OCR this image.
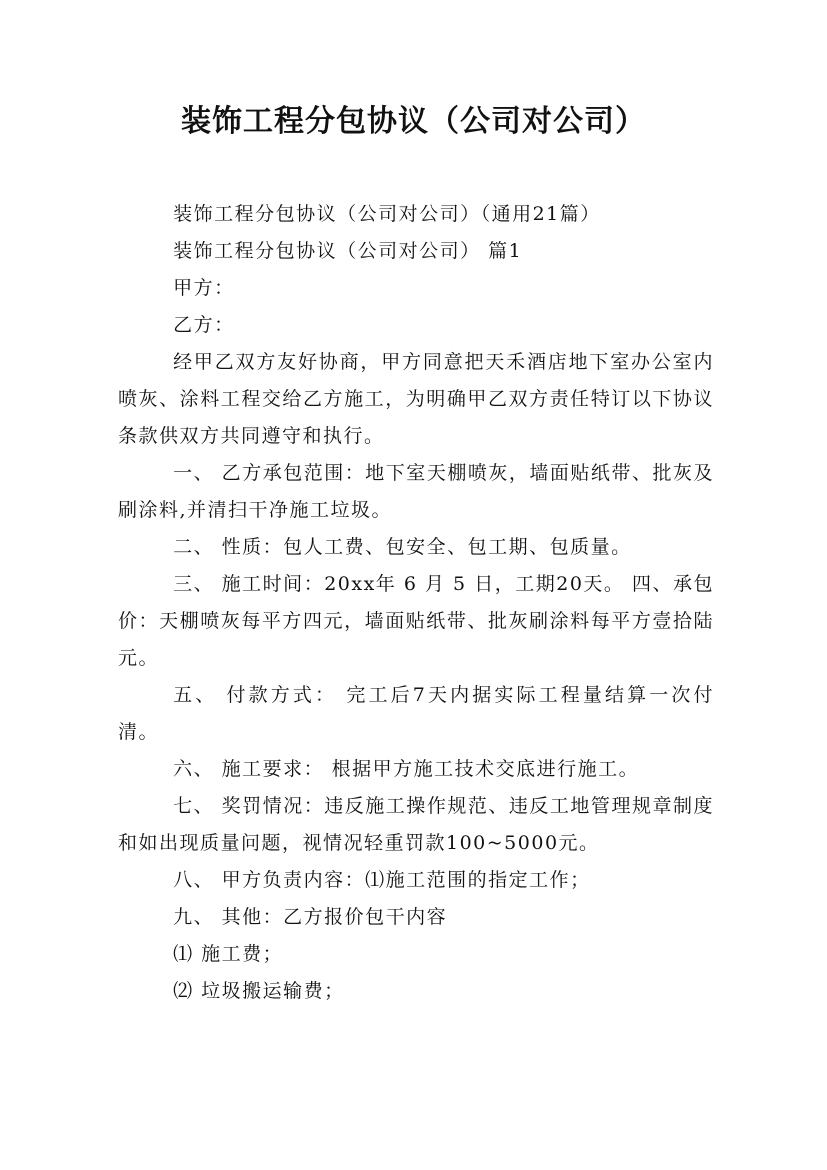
装饰工程分包协议（公司对公司）

装饰工程分包协议（公司对公司）（通用21篇）

装饰工程分包协议（公司对公司） 篇1

甲方：

乙方：

经甲乙双方友好协商，甲方同意把天禾酒店地下室办公室内喷灰、涂料工程交给乙方施工，为明确甲乙双方责任特订以下协议条款供双方共同遵守和执行。

一、 乙方承包范围：地下室天棚喷灰，墙面贴纸带、批灰及刷涂料,并清扫干净施工垃圾。

二、 性质：包人工费、包安全、包工期、包质量。

三、 施工时间：20xx年 6 月 5 日，工期20天。 四、承包价：天棚喷灰每平方四元，墙面贴纸带、批灰刷涂料每平方壹拾陆元。

五、 付款方式： 完工后7天内据实际工程量结算一次付清。

六、 施工要求： 根据甲方施工技术交底进行施工。

七、 奖罚情况：违反施工操作规范、违反工地管理规章制度和如出现质量问题，视情况轻重罚款100~5000元。

八、 甲方负责内容：⑴施工范围的指定工作；

九、 其他：乙方报价包干内容

⑴ 施工费；

⑵ 垃圾搬运输费；
